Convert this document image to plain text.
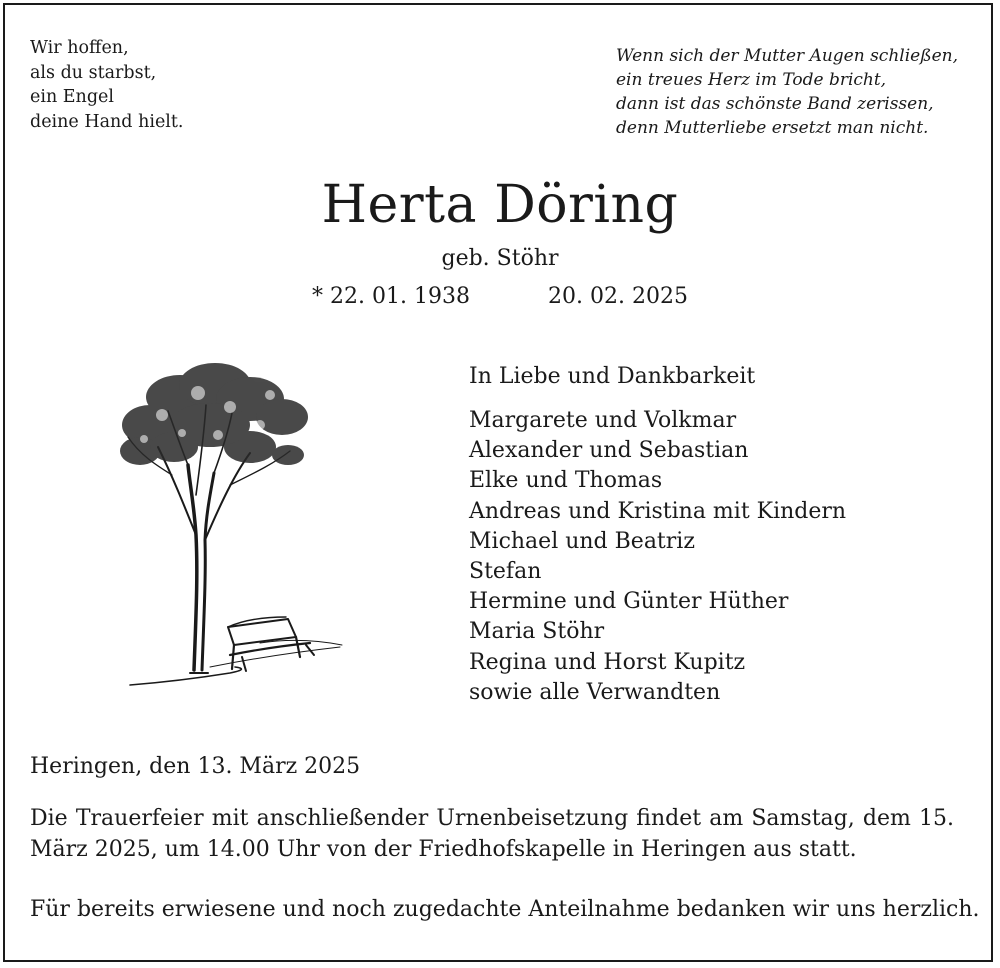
Wir hoffen,
als du starbst,
ein Engel
deine Hand hielt.
Wenn sich der Mutter Augen schließen,
ein treues Herz im Tode bricht,
dann ist das schönste Band zerissen,
denn Mutterliebe ersetzt man nicht.
Herta Döring
geb. Stöhr
* 22. 01. 1938	20. 02. 2025
In Liebe und Dankbarkeit
Margarete und Volkmar
Alexander und Sebastian
Elke und Thomas
Andreas und Kristina mit Kindern
Michael und Beatriz
Stefan
Hermine und Günter Hüther
Maria Stöhr
Regina und Horst Kupitz
sowie alle Verwandten
Heringen, den 13. März 2025
Die Trauerfeier mit anschließender Urnenbeisetzung findet am Samstag, dem 15. März 2025, um 14.00 Uhr von der Friedhofskapelle in Heringen aus statt.
Für bereits erwiesene und noch zugedachte Anteilnahme bedanken wir uns herzlich.
